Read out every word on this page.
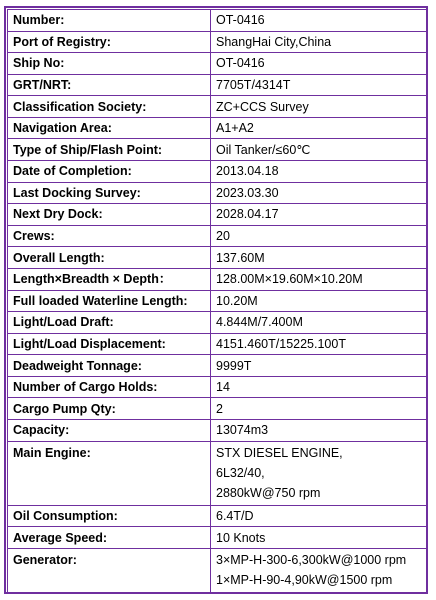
Number:	OT-0416
Port of Registry:	ShangHai City,China
Ship No:	OT-0416
GRT/NRT:	7705T/4314T
Classification Society:	ZC+CCS Survey
Navigation Area:	A1+A2
Type of Ship/Flash Point:	Oil Tanker/≤60℃
Date of Completion:	2013.04.18
Last Docking Survey:	2023.03.30
Next Dry Dock:	2028.04.17
Crews:	20
Overall Length:	137.60M
Length×Breadth × Depth：	128.00M×19.60M×10.20M
Full loaded Waterline Length:	10.20M
Light/Load Draft:	4.844M/7.400M
Light/Load Displacement:	4151.460T/15225.100T
Deadweight Tonnage:	9999T
Number of Cargo Holds:	14
Cargo Pump Qty:	2
Capacity:	13074m3
Main Engine:	STX DIESEL ENGINE,
6L32/40,
2880kW@750 rpm

Oil Consumption:	6.4T/D
Average Speed:	10 Knots
Generator:	3×MP-H-300-6,300kW@1000 rpm
1×MP-H-90-4,90kW@1500 rpm
